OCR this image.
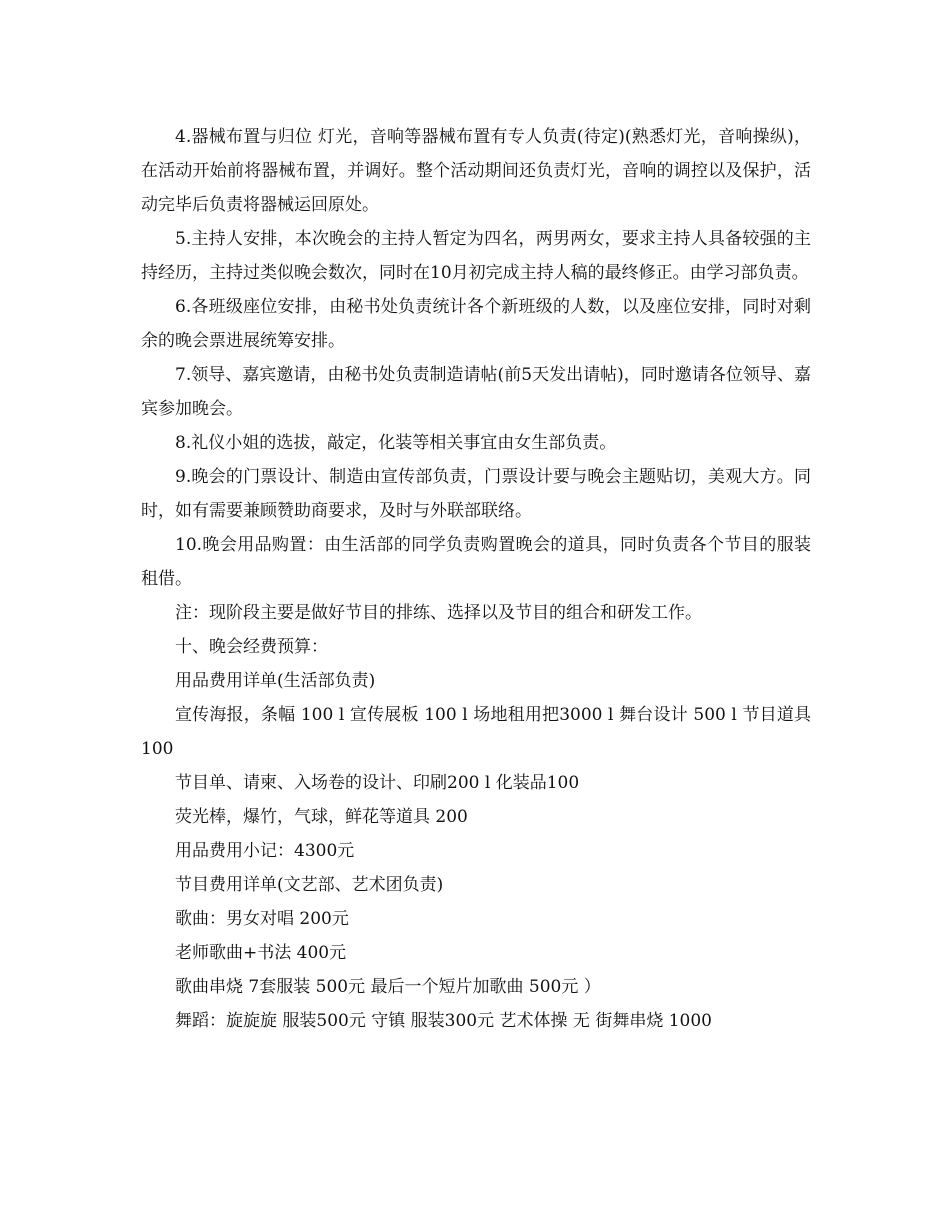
4.器械布置与归位 灯光，音响等器械布置有专人负责(待定)(熟悉灯光，音响操纵)，在活动开始前将器械布置，并调好。整个活动期间还负责灯光，音响的调控以及保护，活动完毕后负责将器械运回原处。

5.主持人安排，本次晚会的主持人暂定为四名，两男两女，要求主持人具备较强的主持经历，主持过类似晚会数次，同时在10月初完成主持人稿的最终修正。由学习部负责。

6.各班级座位安排，由秘书处负责统计各个新班级的人数，以及座位安排，同时对剩余的晚会票进展统筹安排。

7.领导、嘉宾邀请，由秘书处负责制造请帖(前5天发出请帖)，同时邀请各位领导、嘉宾参加晚会。

8.礼仪小姐的选拔，敲定，化装等相关事宜由女生部负责。

9.晚会的门票设计、制造由宣传部负责，门票设计要与晚会主题贴切，美观大方。同时，如有需要兼顾赞助商要求，及时与外联部联络。

10.晚会用品购置：由生活部的同学负责购置晚会的道具，同时负责各个节目的服装租借。

注：现阶段主要是做好节目的排练、选择以及节目的组合和研发工作。

十、晚会经费预算：

用品费用详单(生活部负责)

宣传海报，条幅 100 l 宣传展板 100 l 场地租用把3000 l 舞台设计 500 l 节目道具100

节目单、请柬、入场卷的设计、印刷200 l 化装品100

荧光棒，爆竹，气球，鲜花等道具 200

用品费用小记：4300元

节目费用详单(文艺部、艺术团负责)

歌曲：男女对唱 200元

老师歌曲+书法 400元

歌曲串烧 7套服装 500元 最后一个短片加歌曲 500元 ）

舞蹈：旋旋旋 服装500元 守镇 服装300元 艺术体操 无 街舞串烧 1000
